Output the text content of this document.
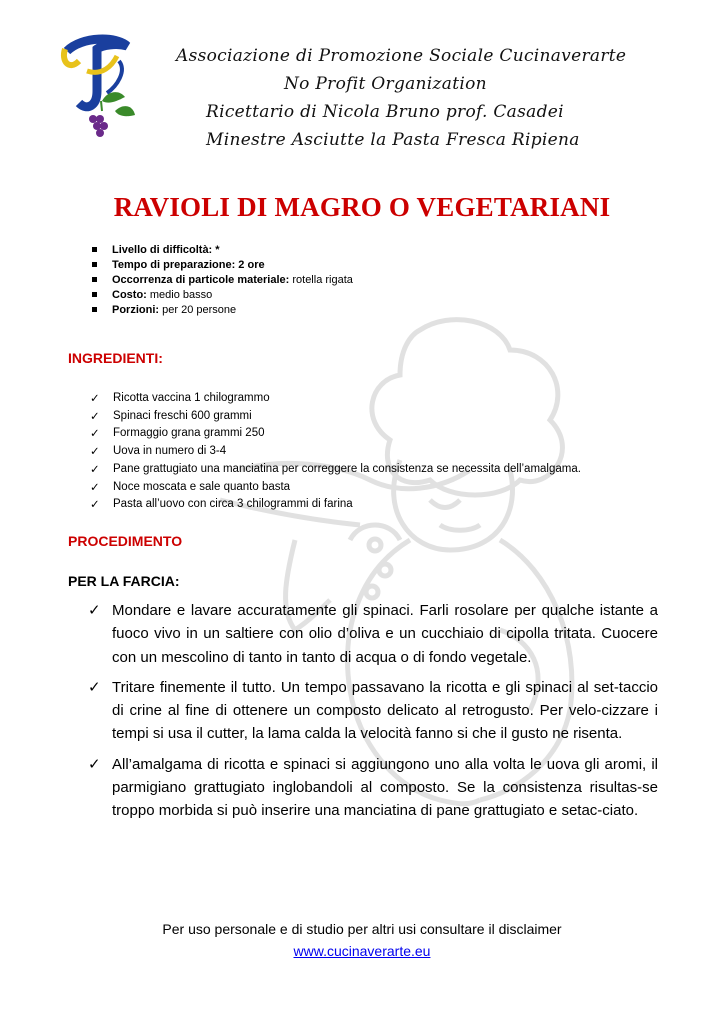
Associazione di Promozione Sociale Cucinaverarte
No Profit Organization
Ricettario di Nicola Bruno prof. Casadei
Minestre Asciutte la Pasta Fresca Ripiena
RAVIOLI DI MAGRO O VEGETARIANI
Livello di difficoltà: *
Tempo di preparazione: 2 ore
Occorrenza di particole materiale: rotella rigata
Costo: medio basso
Porzioni: per 20 persone
INGREDIENTI:
✓ Ricotta vaccina 1 chilogrammo
✓ Spinaci freschi 600 grammi
✓ Formaggio grana grammi 250
✓ Uova in numero di 3-4
✓ Pane grattugiato una manciatina per correggere la consistenza se necessita dell’amalgama.
✓ Noce moscata e sale quanto basta
✓ Pasta all’uovo con circa 3 chilogrammi di farina
PROCEDIMENTO
PER LA FARCIA:
✓ Mondare e lavare accuratamente gli spinaci. Farli rosolare per qualche istante a fuoco vivo in un saltiere con olio d’oliva e un cucchiaio di cipolla tritata. Cuocere con un mescolino di tanto in tanto di acqua o di fondo vegetale.
✓ Tritare finemente il tutto. Un tempo passavano la ricotta e gli spinaci al set-taccio di crine al fine di ottenere un composto delicato al retrogusto. Per velo-cizzare i tempi si usa il cutter, la lama calda la velocità fanno si che il gusto ne risenta.
✓ All’amalgama di ricotta e spinaci si aggiungono uno alla volta le uova gli aromi, il parmigiano grattugiato inglobandoli al composto. Se la consistenza risultas-se troppo morbida si può inserire una manciatina di pane grattugiato e setac-ciato.
Per uso personale e di studio per altri usi consultare il disclaimer
www.cucinaverarte.eu
